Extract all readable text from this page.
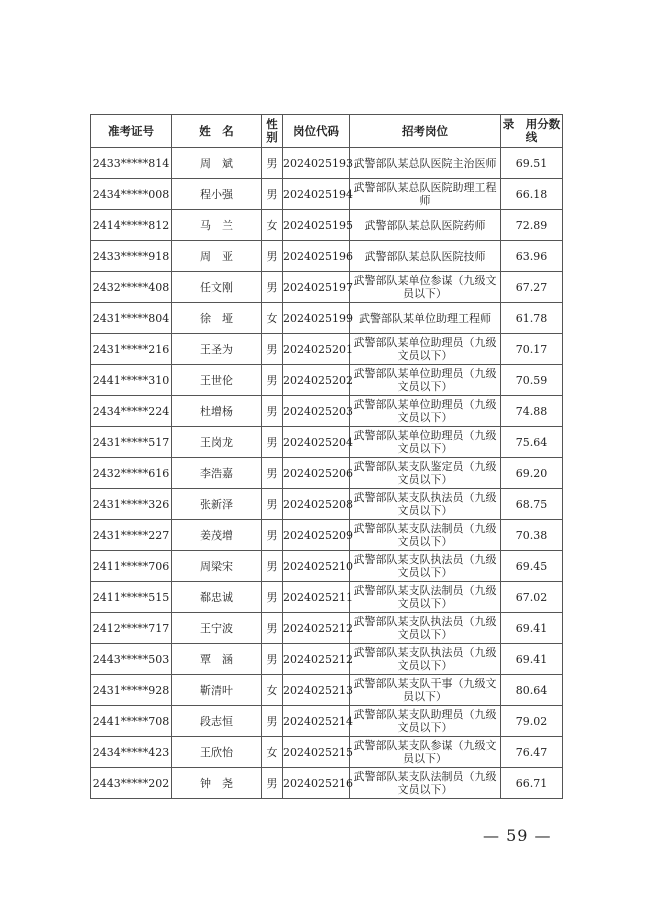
准考证号	姓　名	性别	岗位代码	招考岗位	录　用分数线
2433*****814	周　斌	男	2024025193	武警部队某总队医院主治医师	69.51
2434*****008	程小强	男	2024025194	武警部队某总队医院助理工程师	66.18
2414*****812	马　兰	女	2024025195	武警部队某总队医院药师	72.89
2433*****918	周　亚	男	2024025196	武警部队某总队医院技师	63.96
2432*****408	任文刚	男	2024025197	武警部队某单位参谋（九级文员以下）	67.27
2431*****804	徐　垭	女	2024025199	武警部队某单位助理工程师	61.78
2431*****216	王圣为	男	2024025201	武警部队某单位助理员（九级文员以下）	70.17
2441*****310	王世伦	男	2024025202	武警部队某单位助理员（九级文员以下）	70.59
2434*****224	杜增杨	男	2024025203	武警部队某单位助理员（九级文员以下）	74.88
2431*****517	王岗龙	男	2024025204	武警部队某单位助理员（九级文员以下）	75.64
2432*****616	李浩嘉	男	2024025206	武警部队某支队鉴定员（九级文员以下）	69.20
2431*****326	张新泽	男	2024025208	武警部队某支队执法员（九级文员以下）	68.75
2431*****227	姜茂增	男	2024025209	武警部队某支队法制员（九级文员以下）	70.38
2411*****706	周梁宋	男	2024025210	武警部队某支队执法员（九级文员以下）	69.45
2411*****515	郗忠诚	男	2024025211	武警部队某支队法制员（九级文员以下）	67.02
2412*****717	王宁波	男	2024025212	武警部队某支队执法员（九级文员以下）	69.41
2443*****503	覃　涵	男	2024025212	武警部队某支队执法员（九级文员以下）	69.41
2431*****928	靳清叶	女	2024025213	武警部队某支队干事（九级文员以下）	80.64
2441*****708	段志恒	男	2024025214	武警部队某支队助理员（九级文员以下）	79.02
2434*****423	王欣怡	女	2024025215	武警部队某支队参谋（九级文员以下）	76.47
2443*****202	钟　尧	男	2024025216	武警部队某支队法制员（九级文员以下）	66.71
— 59 —
